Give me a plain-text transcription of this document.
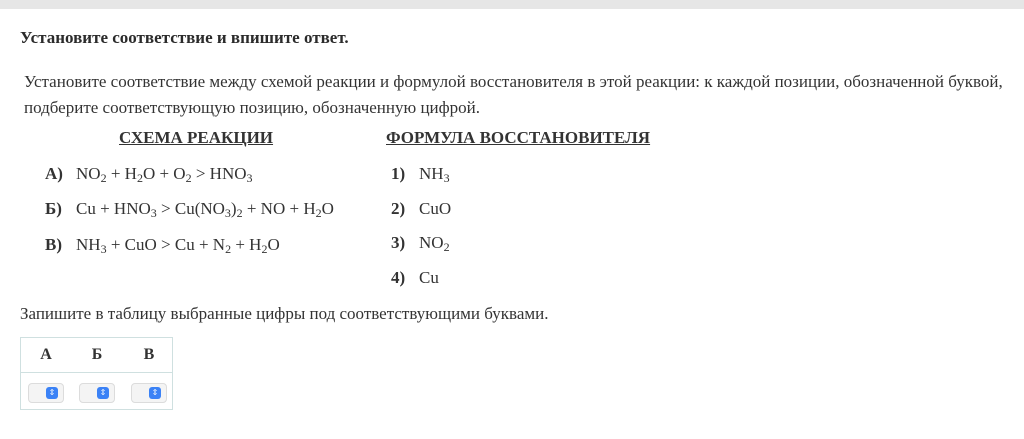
Установите соответствие и впишите ответ.
Установите соответствие между схемой реакции и формулой восстановителя в этой реакции: к каждой позиции, обозначенной буквой, подберите соответствующую позицию, обозначенную цифрой.
СХЕМА РЕАКЦИИ	ФОРМУЛА ВОССТАНОВИТЕЛЯ
А) $NO_2 + H_2O + O_2 > HNO_3$
Б) $Cu + HNO_3 > Cu(NO_3)_2$ + NO + $H_2O$
В) $NH_3$ + CuO > $Cu + N_2 + H_2O$
1) $NH_3$
2) CuO
3) $NO_2$
4) Cu
Запишите в таблицу выбранные цифры под соответствующими буквами.
А	Б	В
⇕	⇕	⇕
